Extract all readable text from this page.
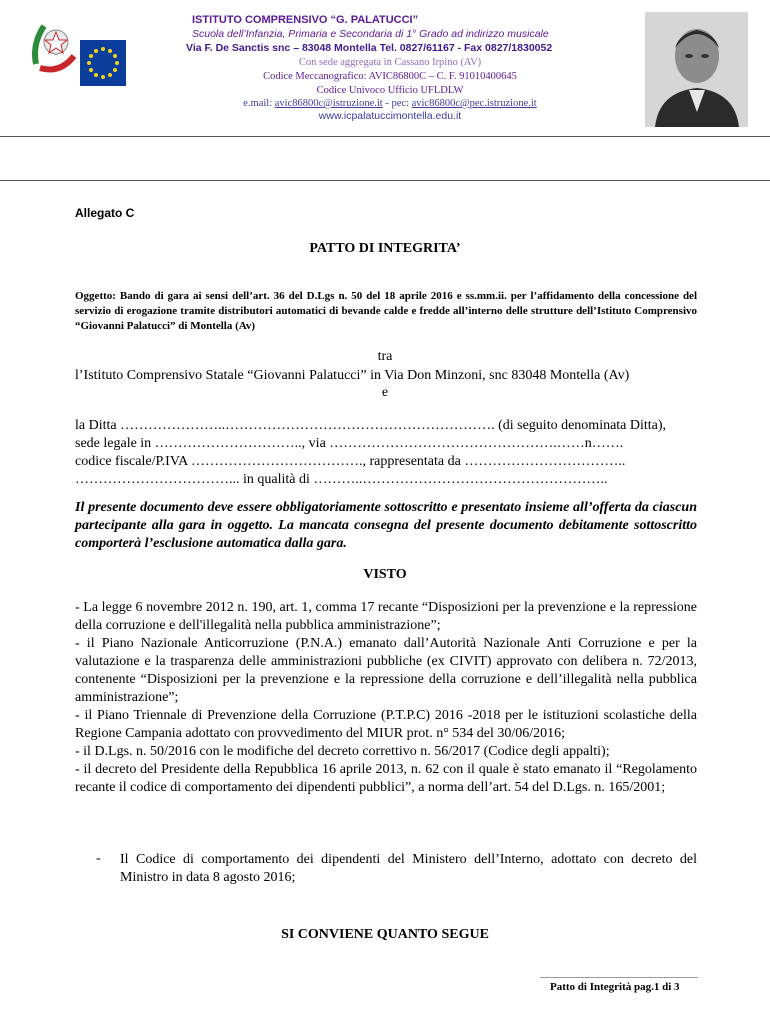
ISTITUTO COMPRENSIVO “G. PALATUCCI”
Scuola dell’Infanzia, Primaria e Secondaria di 1° Grado ad indirizzo musicale
Via F. De Sanctis snc – 83048 Montella Tel. 0827/61167 - Fax 0827/1830052
Con sede aggregata in Cassano Irpino (AV)
Codice Meccanografico: AVIC86800C – C. F. 91010400645
Codice Univoco Ufficio UFLDLW
e.mail: avic86800c@istruzione.it - pec: avic86800c@pec.istruzione.it
www.icpalatuccimontella.edu.it
Allegato C
PATTO DI INTEGRITA’
Oggetto: Bando di gara ai sensi dell’art. 36 del D.Lgs n. 50 del 18 aprile 2016 e ss.mm.ii. per l’affidamento della concessione del servizio di erogazione tramite distributori automatici di bevande calde e fredde all’interno delle strutture dell’Istituto Comprensivo “Giovanni Palatucci” di Montella (Av)
tra
l’Istituto Comprensivo Statale “Giovanni Palatucci” in Via Don Minzoni, snc 83048 Montella (Av)
e
la Ditta …………………..…………………………………………………. (di seguito denominata Ditta),
sede legale in ………………………….., via ………………………………………….……n…….
codice fiscale/P.IVA ………………………………., rappresentata da ……………………………..
……………………………... in qualità di ………..……………………………………………..
Il presente documento deve essere obbligatoriamente sottoscritto e presentato insieme all’offerta da ciascun partecipante alla gara in oggetto. La mancata consegna del presente documento debitamente sottoscritto comporterà l’esclusione automatica dalla gara.
VISTO
- La legge 6 novembre 2012 n. 190, art. 1, comma 17 recante “Disposizioni per la prevenzione e la repressione della corruzione e dell'illegalità nella pubblica amministrazione”;
- il Piano Nazionale Anticorruzione (P.N.A.) emanato dall’Autorità Nazionale Anti Corruzione e per la valutazione e la trasparenza delle amministrazioni pubbliche (ex CIVIT) approvato con delibera n. 72/2013, contenente “Disposizioni per la prevenzione e la repressione della corruzione e dell’illegalità nella pubblica amministrazione”;
- il Piano Triennale di Prevenzione della Corruzione (P.T.P.C) 2016 -2018 per le istituzioni scolastiche della Regione Campania adottato con provvedimento del MIUR prot. n° 534 del 30/06/2016;
- il D.Lgs. n. 50/2016 con le modifiche del decreto correttivo n. 56/2017 (Codice degli appalti);
- il decreto del Presidente della Repubblica 16 aprile 2013, n. 62 con il quale è stato emanato il “Regolamento recante il codice di comportamento dei dipendenti pubblici”, a norma dell’art. 54 del D.Lgs. n. 165/2001;
- Il Codice di comportamento dei dipendenti del Ministero dell’Interno, adottato con decreto del Ministro in data 8 agosto 2016;
SI CONVIENE QUANTO SEGUE
Patto di Integrità pag.1 di 3
